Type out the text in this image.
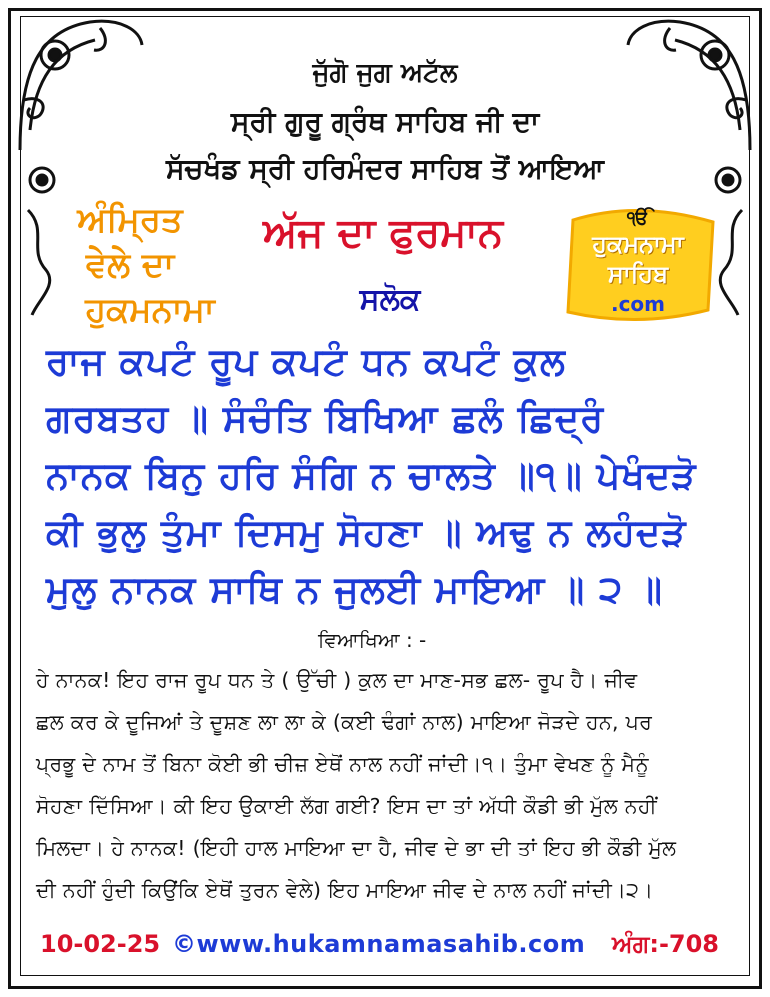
ਜੁੱਗੋ ਜੁਗ ਅਟੱਲ
ਸ੍ਰੀ ਗੁਰੂ ਗ੍ਰੰਥ ਸਾਹਿਬ ਜੀ ਦਾ
ਸੱਚਖੰਡ ਸ੍ਰੀ ਹਰਿਮੰਦਰ ਸਾਹਿਬ ਤੋਂ ਆਇਆ
ਅੰਮ੍ਰਿਤ
ਵੇਲੇ ਦਾ
ਹੁਕਮਨਾਮਾ
ਅੱਜ ਦਾ ਫੁਰਮਾਨ
ਸਲੋਕ
ੴ
ਹੁਕਮਨਾਮਾ
ਸਾਹਿਬ
.com
ਰਾਜ ਕਪਟੰ ਰੂਪ ਕਪਟੰ ਧਨ ਕਪਟੰ ਕੁਲ
ਗਰਬਤਹ ॥ ਸੰਚੰਤਿ ਬਿਖਿਆ ਛਲੰ ਛਿਦ੍ਰੰ
ਨਾਨਕ ਬਿਨੁ ਹਰਿ ਸੰਗਿ ਨ ਚਾਲਤੇ ॥੧॥ ਪੇਖੰਦੜੋ
ਕੀ ਭੁਲੁ ਤੁੰਮਾ ਦਿਸਮੁ ਸੋਹਣਾ ॥ ਅਢੁ ਨ ਲਹੰਦੜੋ
ਮੁਲੁ ਨਾਨਕ ਸਾਥਿ ਨ ਜੁਲਈ ਮਾਇਆ ॥ ੨ ॥
ਵਿਆਖਿਆ : -
ਹੇ ਨਾਨਕ! ਇਹ ਰਾਜ ਰੂਪ ਧਨ ਤੇ ( ਉੱਚੀ ) ਕੁਲ ਦਾ ਮਾਣ-ਸਭ ਛਲ- ਰੂਪ ਹੈ। ਜੀਵ
ਛਲ ਕਰ ਕੇ ਦੂਜਿਆਂ ਤੇ ਦੂਸ਼ਣ ਲਾ ਲਾ ਕੇ (ਕਈ ਢੰਗਾਂ ਨਾਲ) ਮਾਇਆ ਜੋੜਦੇ ਹਨ, ਪਰ
ਪ੍ਰਭੂ ਦੇ ਨਾਮ ਤੋਂ ਬਿਨਾ ਕੋਈ ਭੀ ਚੀਜ਼ ਏਥੋਂ ਨਾਲ ਨਹੀਂ ਜਾਂਦੀ।੧। ਤੁੰਮਾ ਵੇਖਣ ਨੂੰ ਮੈਨੂੰ
ਸੋਹਣਾ ਦਿੱਸਿਆ। ਕੀ ਇਹ ਉਕਾਈ ਲੱਗ ਗਈ? ਇਸ ਦਾ ਤਾਂ ਅੱਧੀ ਕੌਡੀ ਭੀ ਮੁੱਲ ਨਹੀਂ
ਮਿਲਦਾ। ਹੇ ਨਾਨਕ! (ਇਹੀ ਹਾਲ ਮਾਇਆ ਦਾ ਹੈ, ਜੀਵ ਦੇ ਭਾ ਦੀ ਤਾਂ ਇਹ ਭੀ ਕੌਡੀ ਮੁੱਲ
ਦੀ ਨਹੀਂ ਹੁੰਦੀ ਕਿਉਂਕਿ ਏਥੋਂ ਤੁਰਨ ਵੇਲੇ) ਇਹ ਮਾਇਆ ਜੀਵ ਦੇ ਨਾਲ ਨਹੀਂ ਜਾਂਦੀ।੨।
10-02-25 ©www.hukamnamasahib.com ਅੰਗ:-708
